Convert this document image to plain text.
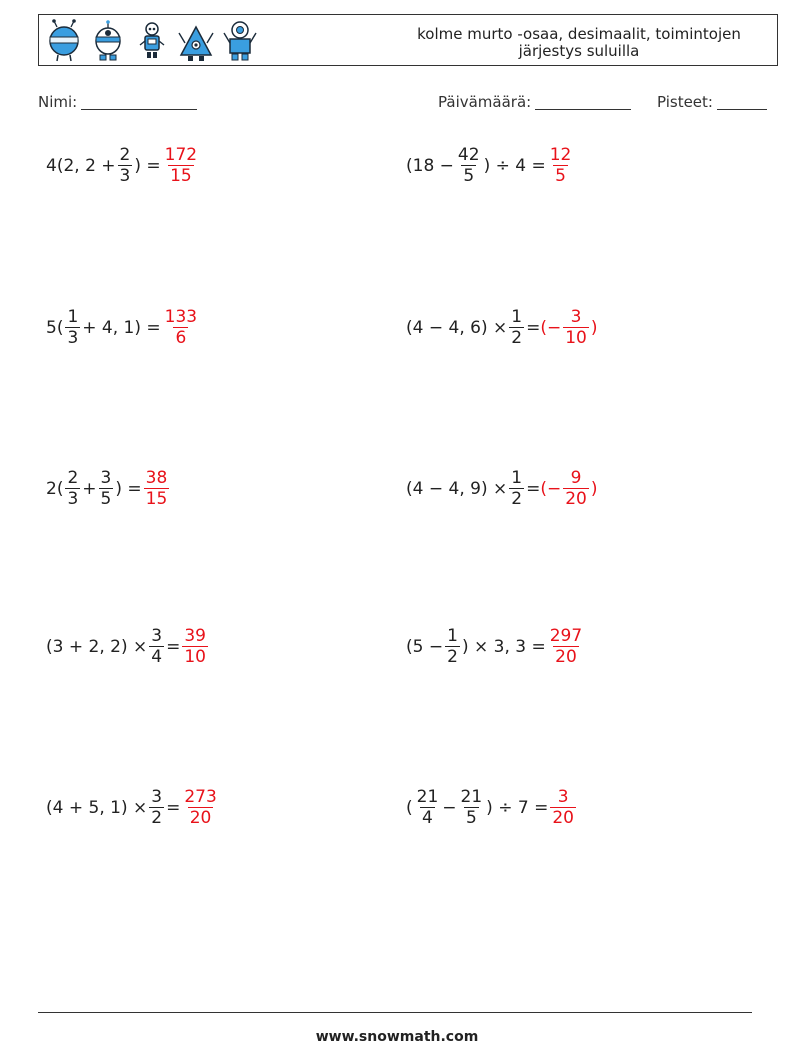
kolme murto -osaa, desimaalit, toimintojen järjestys suluilla
Nimi:	Päivämäärä:	Pisteet:
4(2, $2 + \frac{2}{3}$ ) = $\frac{172}{15}$	($18 - \frac{42}{5}$ ) ÷ $4 = \frac{12}{5}$
$5( \frac{1}{3} + 4$, $1) = \frac{133}{6}$	(4 − 4, $6) \times \frac{1}{2}$ = (− $\frac{3}{10}$ )
$2( \frac{2}{3} + \frac{3}{5}$ ) = $\frac{38}{15}$	(4 − 4, $9) \times \frac{1}{2}$ = (− $\frac{9}{20}$ )
(3 + 2, $2) \times \frac{3}{4} = \frac{39}{10}$	($5 - \frac{1}{2}$ ) × 3, $3 = \frac{297}{20}$
(4 + 5, $1) \times \frac{3}{2} = \frac{273}{20}$	( $\frac{21}{4} - \frac{21}{5}$ ) ÷ $7 = \frac{3}{20}$
www.snowmath.com
